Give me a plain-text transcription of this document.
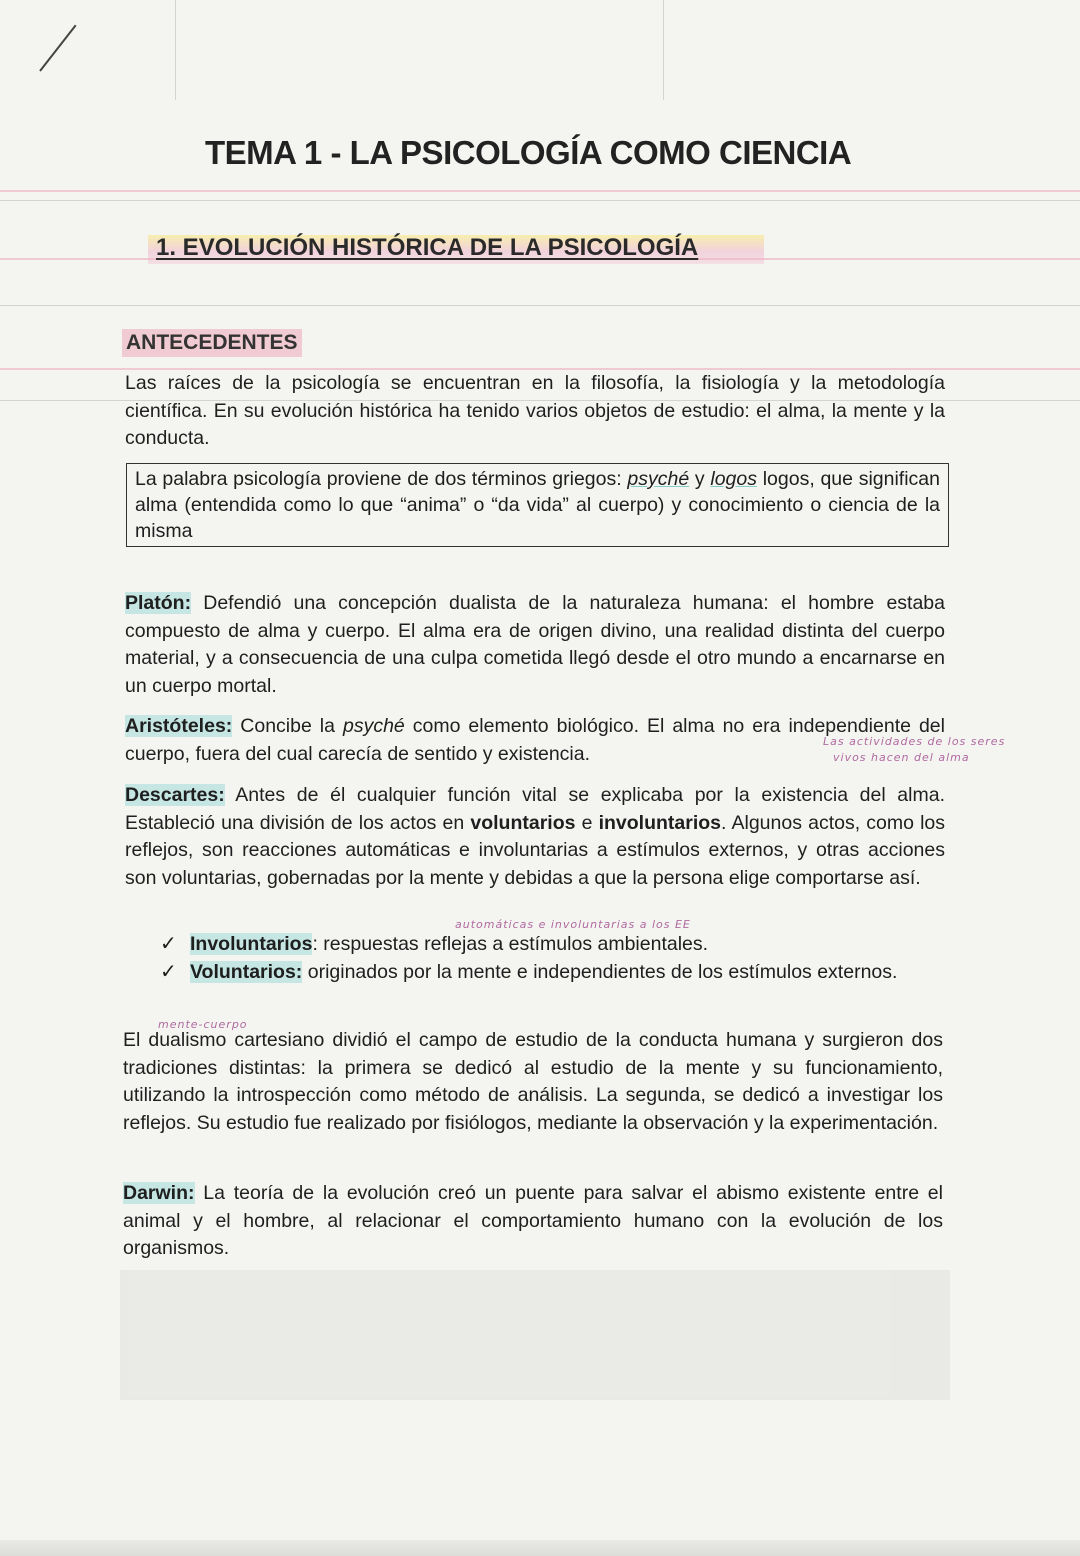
TEMA 1 - LA PSICOLOGÍA COMO CIENCIA
1. EVOLUCIÓN HISTÓRICA DE LA PSICOLOGÍA
ANTECEDENTES
Las raíces de la psicología se encuentran en la filosofía, la fisiología y la metodología científica. En su evolución histórica ha tenido varios objetos de estudio: el alma, la mente y la conducta.
La palabra psicología proviene de dos términos griegos: psyché y logos logos, que significan alma (entendida como lo que “anima” o “da vida” al cuerpo) y conocimiento o ciencia de la misma
Platón: Defendió una concepción dualista de la naturaleza humana: el hombre estaba compuesto de alma y cuerpo. El alma era de origen divino, una realidad distinta del cuerpo material, y a consecuencia de una culpa cometida llegó desde el otro mundo a encarnarse en un cuerpo mortal.
Aristóteles: Concibe la psyché como elemento biológico. El alma no era independiente del cuerpo, fuera del cual carecía de sentido y existencia.
Las actividades de los seres
vivos hacen del alma
Descartes: Antes de él cualquier función vital se explicaba por la existencia del alma. Estableció una división de los actos en voluntarios e involuntarios. Algunos actos, como los reflejos, son reacciones automáticas e involuntarias a estímulos externos, y otras acciones son voluntarias, gobernadas por la mente y debidas a que la persona elige comportarse así.
automáticas e involuntarias a los EE
✓ Involuntarios: respuestas reflejas a estímulos ambientales.
✓ Voluntarios: originados por la mente e independientes de los estímulos externos.
mente-cuerpo
El dualismo cartesiano dividió el campo de estudio de la conducta humana y surgieron dos tradiciones distintas: la primera se dedicó al estudio de la mente y su funcionamiento, utilizando la introspección como método de análisis. La segunda, se dedicó a investigar los reflejos. Su estudio fue realizado por fisiólogos, mediante la observación y la experimentación.
Darwin: La teoría de la evolución creó un puente para salvar el abismo existente entre el animal y el hombre, al relacionar el comportamiento humano con la evolución de los organismos.
